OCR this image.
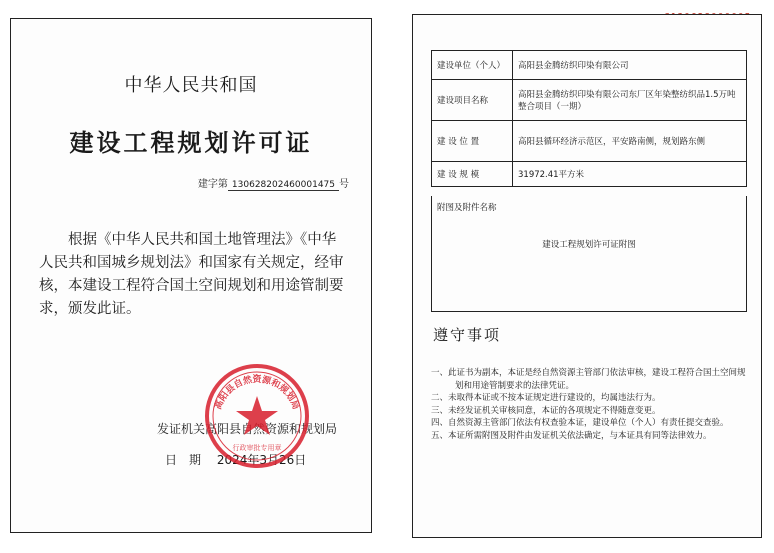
中华人民共和国
建设工程规划许可证
建字第 130628202460001475 号
根据《中华人民共和国土地管理法》《中华人民共和国城乡规划法》和国家有关规定，经审核，本建设工程符合国土空间规划和用途管制要求，颁发此证。
发证机关高阳县自然资源和规划局
日期 2024年3月26日
高阳县自然资源和规划局
行政审批专用章
建设单位（个人）	高阳县金腾纺织印染有限公司
建设项目名称	高阳县金腾纺织印染有限公司东厂区年染整纺织品1.5万吨整合项目（一期）
建 设 位 置	高阳县循环经济示范区，平安路南侧，规划路东侧
建 设 规 模	31972.41平方米
附图及附件名称
建设工程规划许可证附图
遵守事项

一、此证书为副本，本证是经自然资源主管部门依法审核，建设工程符合国土空间规划和用途管制要求的法律凭证。

二、未取得本证或不按本证规定进行建设的，均属违法行为。

三、未经发证机关审核同意，本证的各项规定不得随意变更。

四、自然资源主管部门依法有权查验本证，建设单位（个人）有责任提交查验。

五、本证所需附图及附件由发证机关依法确定，与本证具有同等法律效力。
